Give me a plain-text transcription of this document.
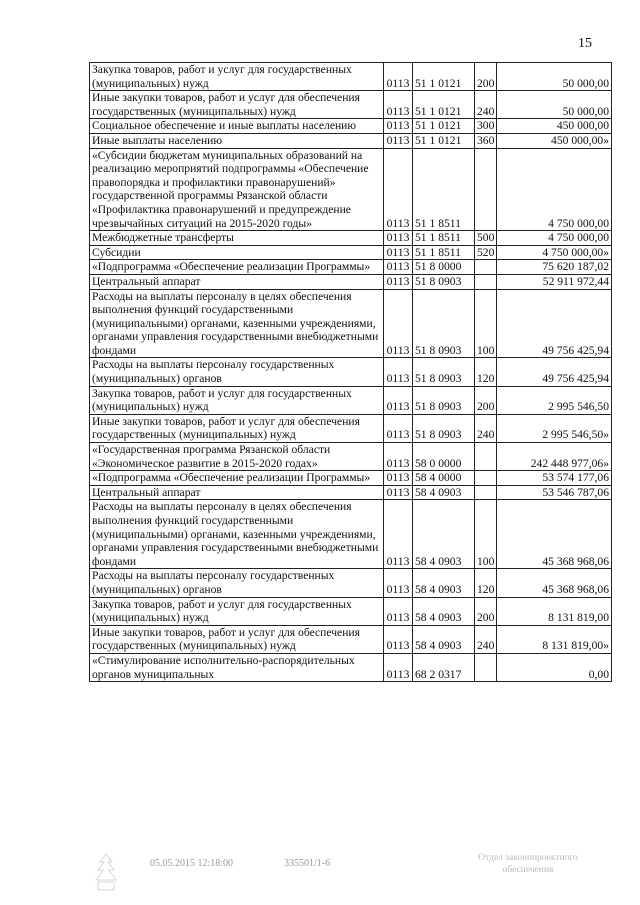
15
Закупка товаров, работ и услуг для государственных (муниципальных) нужд	0113	51 1 0121	200	50 000,00
Иные закупки товаров, работ и услуг для обеспечения государственных (муниципальных) нужд	0113	51 1 0121	240	50 000,00
Социальное обеспечение и иные выплаты населению	0113	51 1 0121	300	450 000,00
Иные выплаты населению	0113	51 1 0121	360	450 000,00»
«Субсидии бюджетам муниципальных образований на реализацию мероприятий подпрограммы «Обеспечение правопорядка и профилактики правонарушений» государственной программы Рязанской области «Профилактика правонарушений и предупреждение чрезвычайных ситуаций на 2015-2020 годы»	0113	51 1 8511		4 750 000,00
Межбюджетные трансферты	0113	51 1 8511	500	4 750 000,00
Субсидии	0113	51 1 8511	520	4 750 000,00»
«Подпрограмма «Обеспечение реализации Программы»	0113	51 8 0000		75 620 187,02
Центральный аппарат	0113	51 8 0903		52 911 972,44
Расходы на выплаты персоналу в целях обеспечения выполнения функций государственными (муниципальными) органами, казенными учреждениями, органами управления государственными внебюджетными фондами	0113	51 8 0903	100	49 756 425,94
Расходы на выплаты персоналу государственных (муниципальных) органов	0113	51 8 0903	120	49 756 425,94
Закупка товаров, работ и услуг для государственных (муниципальных) нужд	0113	51 8 0903	200	2 995 546,50
Иные закупки товаров, работ и услуг для обеспечения государственных (муниципальных) нужд	0113	51 8 0903	240	2 995 546,50»
«Государственная программа Рязанской области «Экономическое развитие в 2015-2020 годах»	0113	58 0 0000		242 448 977,06»
«Подпрограмма «Обеспечение реализации Программы»	0113	58 4 0000		53 574 177,06
Центральный аппарат	0113	58 4 0903		53 546 787,06
Расходы на выплаты персоналу в целях обеспечения выполнения функций государственными (муниципальными) органами, казенными учреждениями, органами управления государственными внебюджетными фондами	0113	58 4 0903	100	45 368 968,06
Расходы на выплаты персоналу государственных (муниципальных) органов	0113	58 4 0903	120	45 368 968,06
Закупка товаров, работ и услуг для государственных (муниципальных) нужд	0113	58 4 0903	200	8 131 819,00
Иные закупки товаров, работ и услуг для обеспечения государственных (муниципальных) нужд	0113	58 4 0903	240	8 131 819,00»
«Стимулирование исполнительно-распорядительных органов муниципальных	0113	68 2 0317		0,00
05.05.2015 12:18:00	335501/1-6	Отдел законопроектного
обеспечения
